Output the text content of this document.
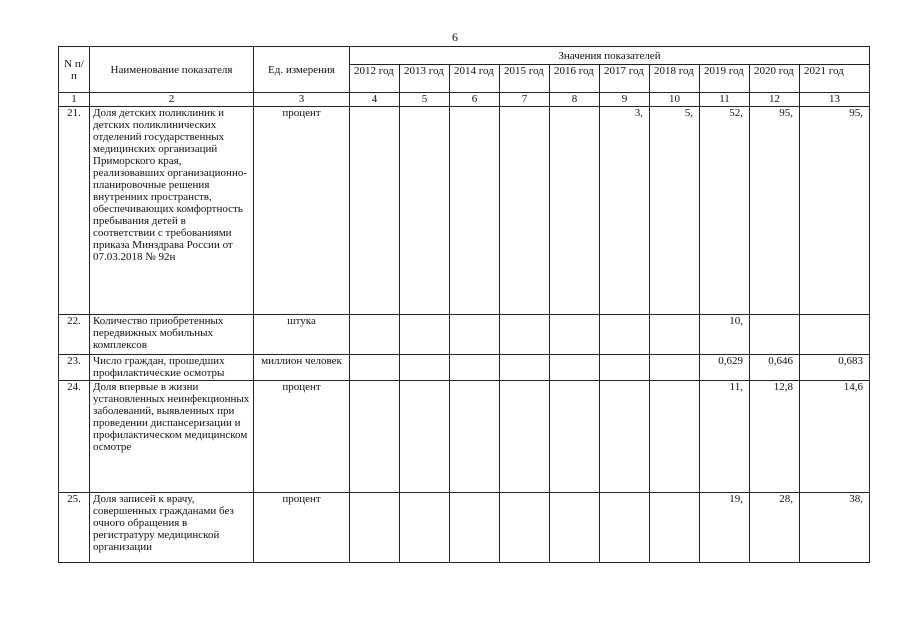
6
N п/п	Наименование показателя	Ед. измерения	Значения показателей									
			2012 год	2013 год	2014 год	2015 год	2016 год	2017 год	2018 год	2019 год	2020 год	2021 год
1	2	3	4	5	6	7	8	9	10	11	12	13
21.	Доля детских поликлиник и детских поликлинических отделений государственных медицинских организаций Приморского края, реализовавших организационно-планировочные решения внутренних пространств, обеспечивающих комфортность пребывания детей в соответствии с требованиями приказа Минздрава России от 07.03.2018 № 92н	процент						3,	5,	52,	95,	95,
22.	Количество приобретенных передвижных мобильных комплексов	штука								10,		
23.	Число граждан, прошедших профилактические осмотры	миллион человек								0,629	0,646	0,683
24.	Доля впервые в жизни установленных неинфекционных заболеваний, выявленных при проведении диспансеризации и профилактическом медицинском осмотре	процент								11,	12,8	14,6
25.	Доля записей к врачу, совершенных гражданами без очного обращения в регистратуру медицинской организации	процент								19,	28,	38,
